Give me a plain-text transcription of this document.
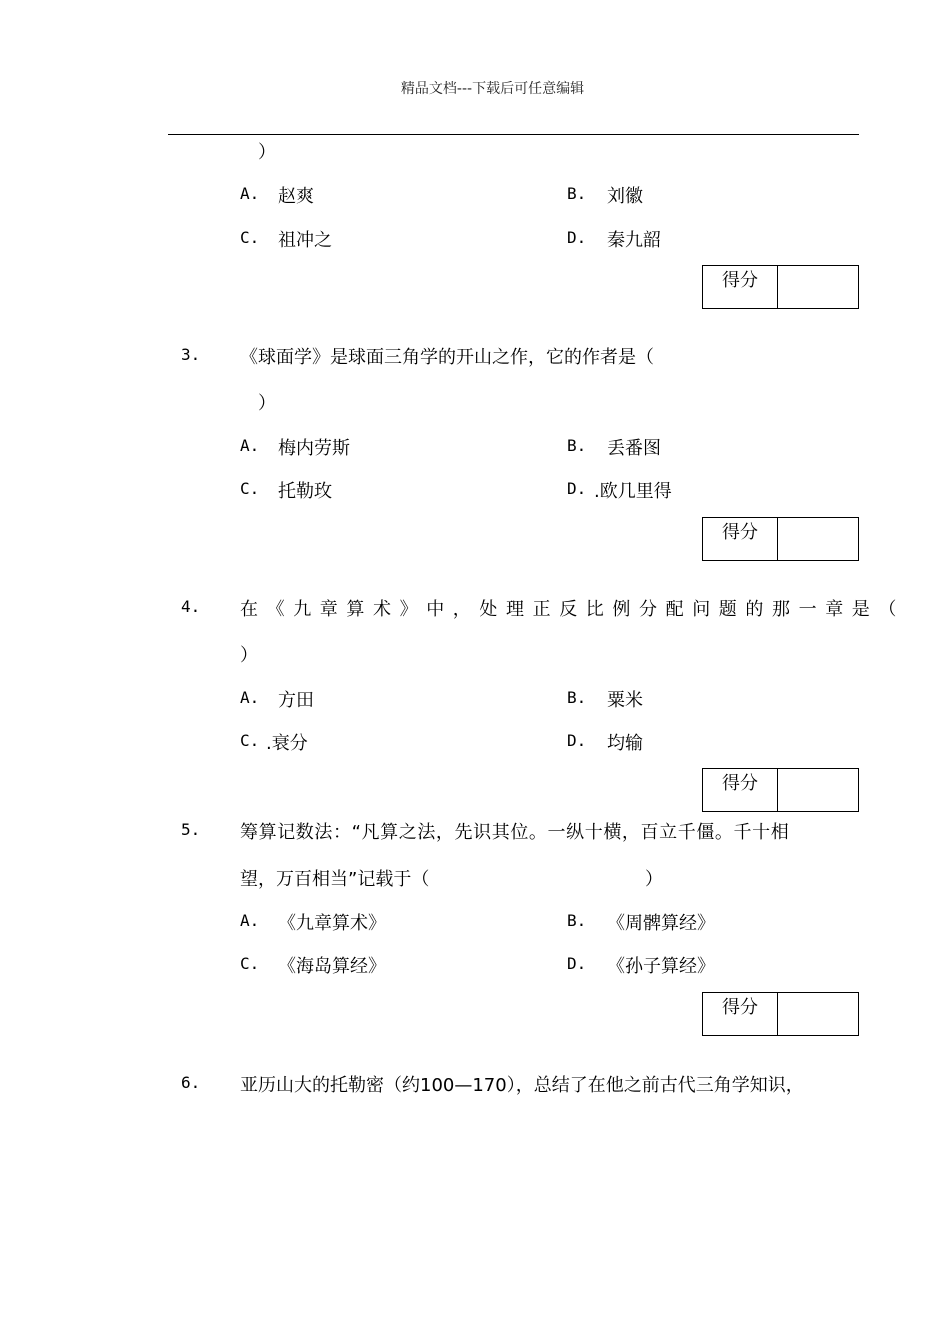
精品文档---下载后可任意编辑
）
A. 赵爽	B. 刘徽
C. 祖冲之	D. 秦九韶
得分
3. 《球面学》是球面三角学的开山之作，它的作者是（
）
A. 梅内劳斯	B. 丢番图
C. 托勒玫	D. .欧几里得
得分
4. 在《九章算术》中，处理正反比例分配问题的那一章是（
）
A. 方田	B. 粟米
C. .衰分	D. 均输
得分
5. 筹算记数法：“凡算之法，先识其位。一纵十横，百立千僵。千十相
望，万百相当”记载于（	）
A. 《九章算术》	B. 《周髀算经》
C. 《海岛算经》	D. 《孙子算经》
得分
6. 亚历山大的托勒密（约100—170），总结了在他之前古代三角学知识，
